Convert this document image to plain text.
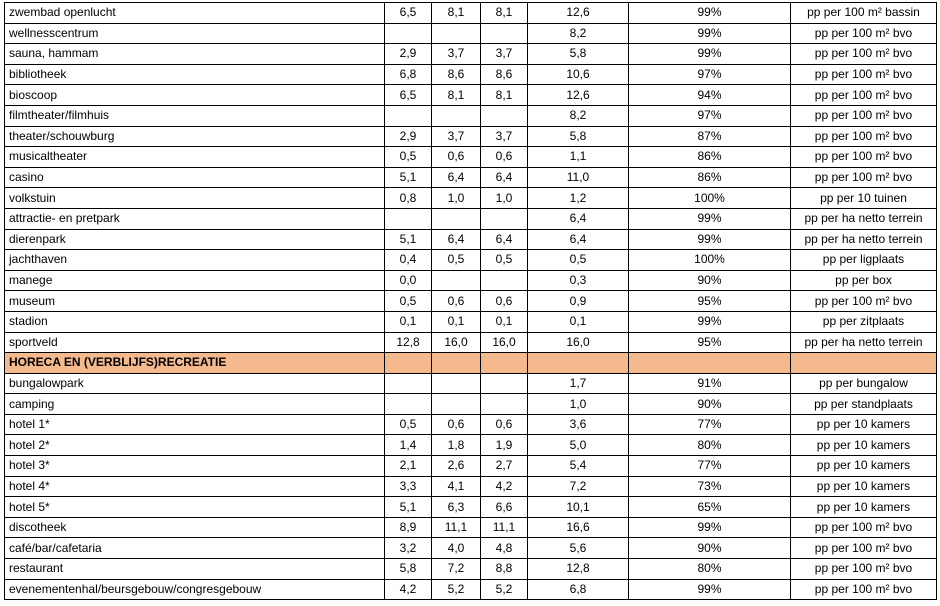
zwembad openlucht	6,5	8,1	8,1	12,6	99%	pp per 100 m² bassin
wellnesscentrum				8,2	99%	pp per 100 m² bvo
sauna, hammam	2,9	3,7	3,7	5,8	99%	pp per 100 m² bvo
bibliotheek	6,8	8,6	8,6	10,6	97%	pp per 100 m² bvo
bioscoop	6,5	8,1	8,1	12,6	94%	pp per 100 m² bvo
filmtheater/filmhuis				8,2	97%	pp per 100 m² bvo
theater/schouwburg	2,9	3,7	3,7	5,8	87%	pp per 100 m² bvo
musicaltheater	0,5	0,6	0,6	1,1	86%	pp per 100 m² bvo
casino	5,1	6,4	6,4	11,0	86%	pp per 100 m² bvo
volkstuin	0,8	1,0	1,0	1,2	100%	pp per 10 tuinen
attractie- en pretpark				6,4	99%	pp per ha netto terrein
dierenpark	5,1	6,4	6,4	6,4	99%	pp per ha netto terrein
jachthaven	0,4	0,5	0,5	0,5	100%	pp per ligplaats
manege	0,0			0,3	90%	pp per box
museum	0,5	0,6	0,6	0,9	95%	pp per 100 m² bvo
stadion	0,1	0,1	0,1	0,1	99%	pp per zitplaats
sportveld	12,8	16,0	16,0	16,0	95%	pp per ha netto terrein
HORECA EN (VERBLIJFS)RECREATIE						
bungalowpark				1,7	91%	pp per bungalow
camping				1,0	90%	pp per standplaats
hotel 1*	0,5	0,6	0,6	3,6	77%	pp per 10 kamers
hotel 2*	1,4	1,8	1,9	5,0	80%	pp per 10 kamers
hotel 3*	2,1	2,6	2,7	5,4	77%	pp per 10 kamers
hotel 4*	3,3	4,1	4,2	7,2	73%	pp per 10 kamers
hotel 5*	5,1	6,3	6,6	10,1	65%	pp per 10 kamers
discotheek	8,9	11,1	11,1	16,6	99%	pp per 100 m² bvo
café/bar/cafetaria	3,2	4,0	4,8	5,6	90%	pp per 100 m² bvo
restaurant	5,8	7,2	8,8	12,8	80%	pp per 100 m² bvo
evenementenhal/beursgebouw/congresgebouw	4,2	5,2	5,2	6,8	99%	pp per 100 m² bvo
